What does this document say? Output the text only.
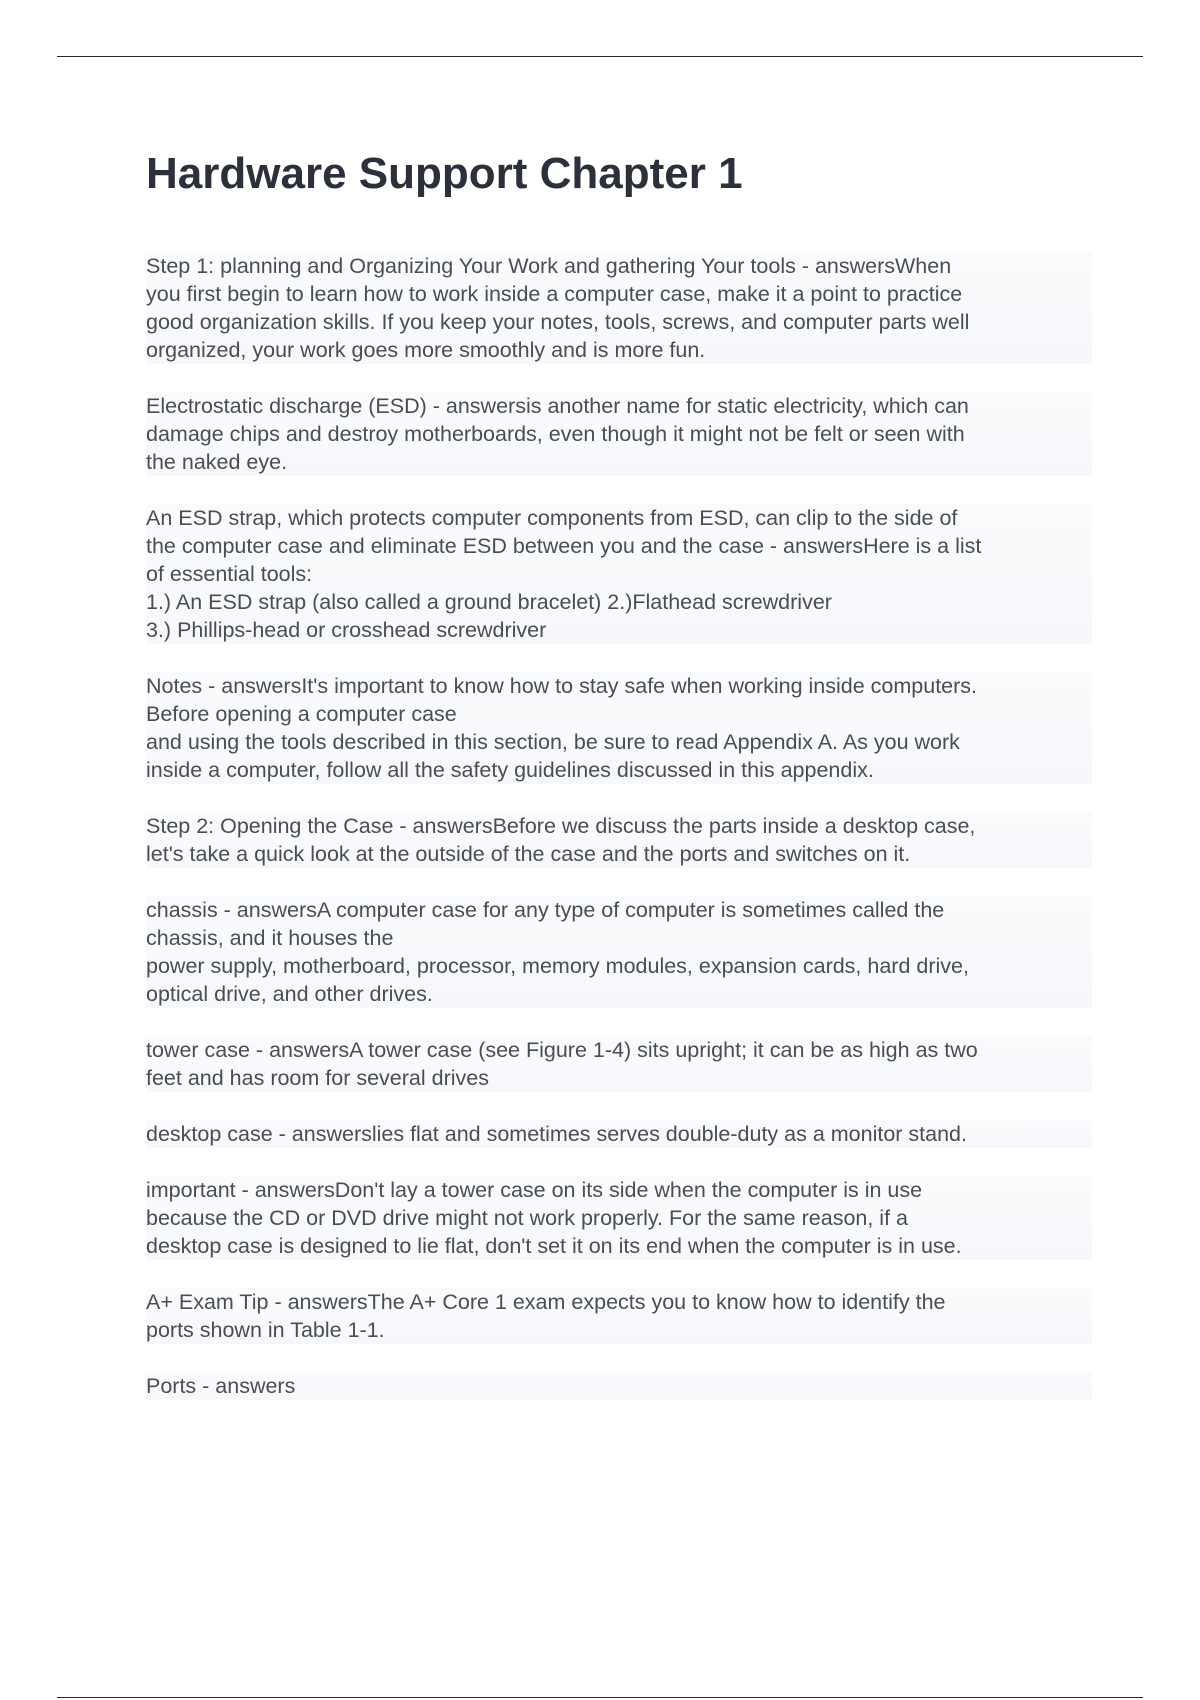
Hardware Support Chapter 1

Step 1: planning and Organizing Your Work and gathering Your tools - answersWhen
you first begin to learn how to work inside a computer case, make it a point to practice
good organization skills. If you keep your notes, tools, screws, and computer parts well
organized, your work goes more smoothly and is more fun.

Electrostatic discharge (ESD) - answersis another name for static electricity, which can
damage chips and destroy motherboards, even though it might not be felt or seen with
the naked eye.

An ESD strap, which protects computer components from ESD, can clip to the side of
the computer case and eliminate ESD between you and the case - answersHere is a list
of essential tools:
1.) An ESD strap (also called a ground bracelet) 2.)Flathead screwdriver
3.) Phillips-head or crosshead screwdriver

Notes - answersIt's important to know how to stay safe when working inside computers.
Before opening a computer case
and using the tools described in this section, be sure to read Appendix A. As you work
inside a computer, follow all the safety guidelines discussed in this appendix.

Step 2: Opening the Case - answersBefore we discuss the parts inside a desktop case,
let's take a quick look at the outside of the case and the ports and switches on it.

chassis - answersA computer case for any type of computer is sometimes called the
chassis, and it houses the
power supply, motherboard, processor, memory modules, expansion cards, hard drive,
optical drive, and other drives.

tower case - answersA tower case (see Figure 1-4) sits upright; it can be as high as two
feet and has room for several drives

desktop case - answerslies flat and sometimes serves double-duty as a monitor stand.

important - answersDon't lay a tower case on its side when the computer is in use
because the CD or DVD drive might not work properly. For the same reason, if a
desktop case is designed to lie flat, don't set it on its end when the computer is in use.

A+ Exam Tip - answersThe A+ Core 1 exam expects you to know how to identify the
ports shown in Table 1-1.

Ports - answers
